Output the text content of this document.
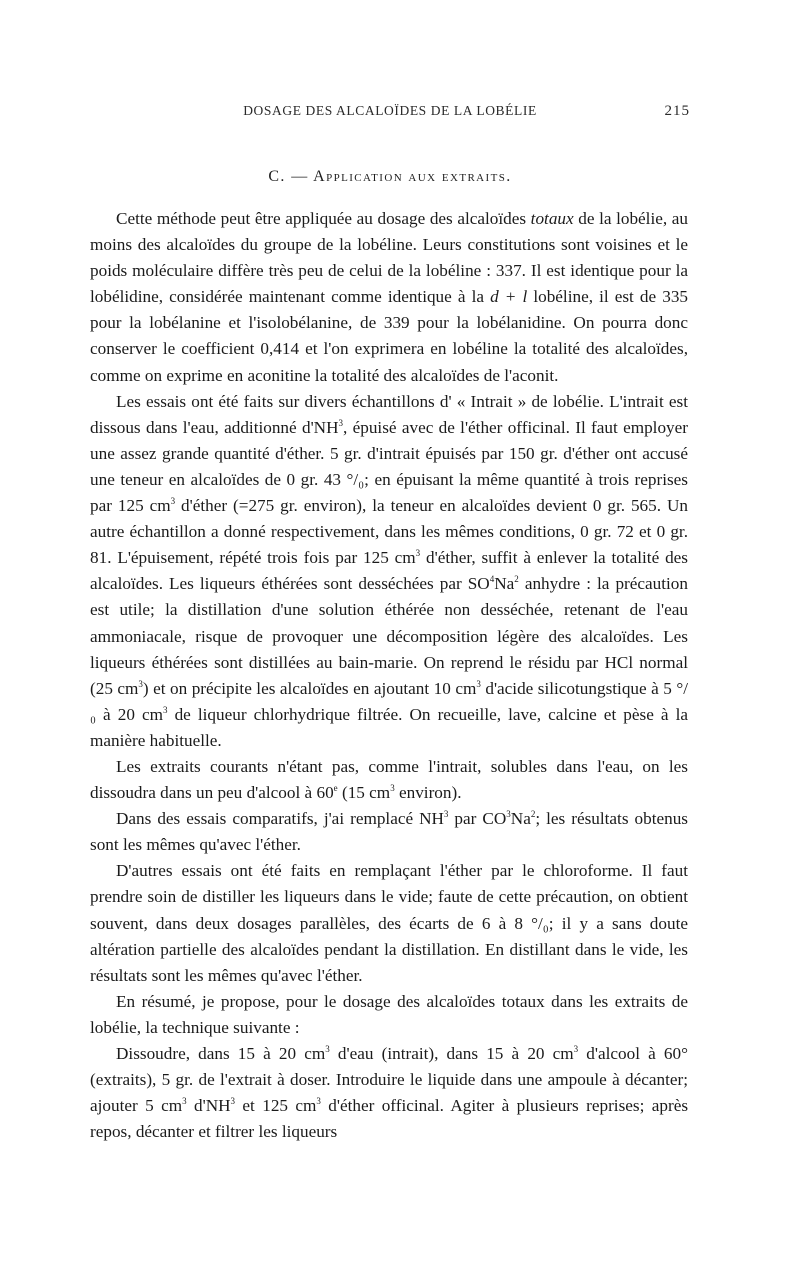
DOSAGE DES ALCALOÏDES DE LA LOBÉLIE	215
C. — Application aux extraits.

Cette méthode peut être appliquée au dosage des alcaloïdes totaux de la lobélie, au moins des alcaloïdes du groupe de la lobéline. Leurs constitutions sont voisines et le poids moléculaire diffère très peu de celui de la lobéline : 337. Il est identique pour la lobélidine, considérée maintenant comme identique à la d + l lobéline, il est de 335 pour la lobélanine et l'isolobélanine, de 339 pour la lobélanidine. On pourra donc conserver le coefficient 0,414 et l'on exprimera en lobéline la totalité des alcaloïdes, comme on exprime en aconitine la totalité des alcaloïdes de l'aconit.

Les essais ont été faits sur divers échantillons d' « Intrait » de lobélie. L'intrait est dissous dans l'eau, additionné $d'NH^3$, épuisé avec de l'éther officinal. Il faut employer une assez grande quantité d'éther. 5 gr. d'intrait épuisés par 150 gr. d'éther ont accusé une teneur en alcaloïdes de 0 gr. 43 °/₀; en épuisant la même quantité à trois reprises par 125 $cm^3$ d'éther (=275 gr. environ), la teneur en alcaloïdes devient 0 gr. 565. Un autre échantillon a donné respectivement, dans les mêmes conditions, 0 gr. 72 et 0 gr. 81. L'épuisement, répété trois fois par 125 $cm^3$ d'éther, suffit à enlever la totalité des alcaloïdes. Les liqueurs éthérées sont desséchées par $SO^4Na^2$ anhydre : la précaution est utile; la distillation d'une solution éthérée non desséchée, retenant de l'eau ammoniacale, risque de provoquer une décomposition légère des alcaloïdes. Les liqueurs éthérées sont distillées au bain-marie. On reprend le résidu par HCl normal (25 $cm^3$) et on précipite les alcaloïdes en ajoutant 10 $cm^3$ d'acide silicotungstique à 5 °/₀ à 20 $cm^3$ de liqueur chlorhydrique filtrée. On recueille, lave, calcine et pèse à la manière habituelle.

Les extraits courants n'étant pas, comme l'intrait, solubles dans l'eau, on les dissoudra dans un peu d'alcool à 60e (15 $cm^3$ environ).

Dans des essais comparatifs, j'ai remplacé $NH^3$ par $CO^3Na^2$; les résultats obtenus sont les mêmes qu'avec l'éther.

D'autres essais ont été faits en remplaçant l'éther par le chloroforme. Il faut prendre soin de distiller les liqueurs dans le vide; faute de cette précaution, on obtient souvent, dans deux dosages parallèles, des écarts de 6 à 8 °/₀; il y a sans doute altération partielle des alcaloïdes pendant la distillation. En distillant dans le vide, les résultats sont les mêmes qu'avec l'éther.

En résumé, je propose, pour le dosage des alcaloïdes totaux dans les extraits de lobélie, la technique suivante :

Dissoudre, dans 15 à 20 $cm^3$ d'eau (intrait), dans 15 à 20 $cm^3$ d'alcool à 60° (extraits), 5 gr. de l'extrait à doser. Introduire le liquide dans une ampoule à décanter; ajouter 5 $cm^3$ $d'NH^3$ et 125 $cm^3$ d'éther officinal. Agiter à plusieurs reprises; après repos, décanter et filtrer les liqueurs
